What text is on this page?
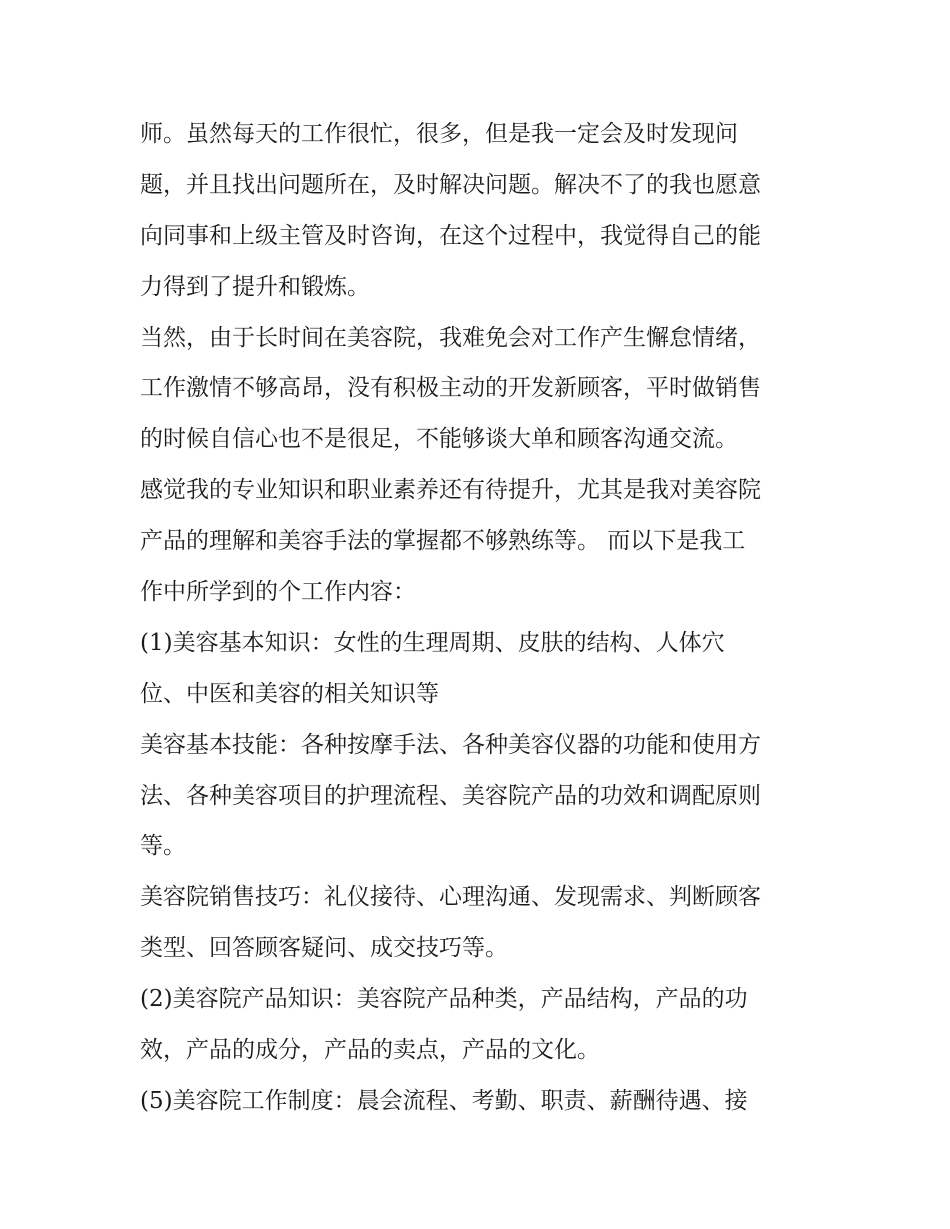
师。虽然每天的工作很忙，很多，但是我一定会及时发现问
题，并且找出问题所在，及时解决问题。解决不了的我也愿意
向同事和上级主管及时咨询，在这个过程中，我觉得自己的能
力得到了提升和锻炼。
当然，由于长时间在美容院，我难免会对工作产生懈怠情绪，
工作激情不够高昂，没有积极主动的开发新顾客，平时做销售
的时候自信心也不是很足，不能够谈大单和顾客沟通交流。
感觉我的专业知识和职业素养还有待提升，尤其是我对美容院
产品的理解和美容手法的掌握都不够熟练等。 而以下是我工
作中所学到的个工作内容：
(1)美容基本知识：女性的生理周期、皮肤的结构、人体穴
位、中医和美容的相关知识等
美容基本技能：各种按摩手法、各种美容仪器的功能和使用方
法、各种美容项目的护理流程、美容院产品的功效和调配原则
等。
美容院销售技巧：礼仪接待、心理沟通、发现需求、判断顾客
类型、回答顾客疑问、成交技巧等。
(2)美容院产品知识：美容院产品种类，产品结构，产品的功
效，产品的成分，产品的卖点，产品的文化。
(5)美容院工作制度：晨会流程、考勤、职责、薪酬待遇、接
